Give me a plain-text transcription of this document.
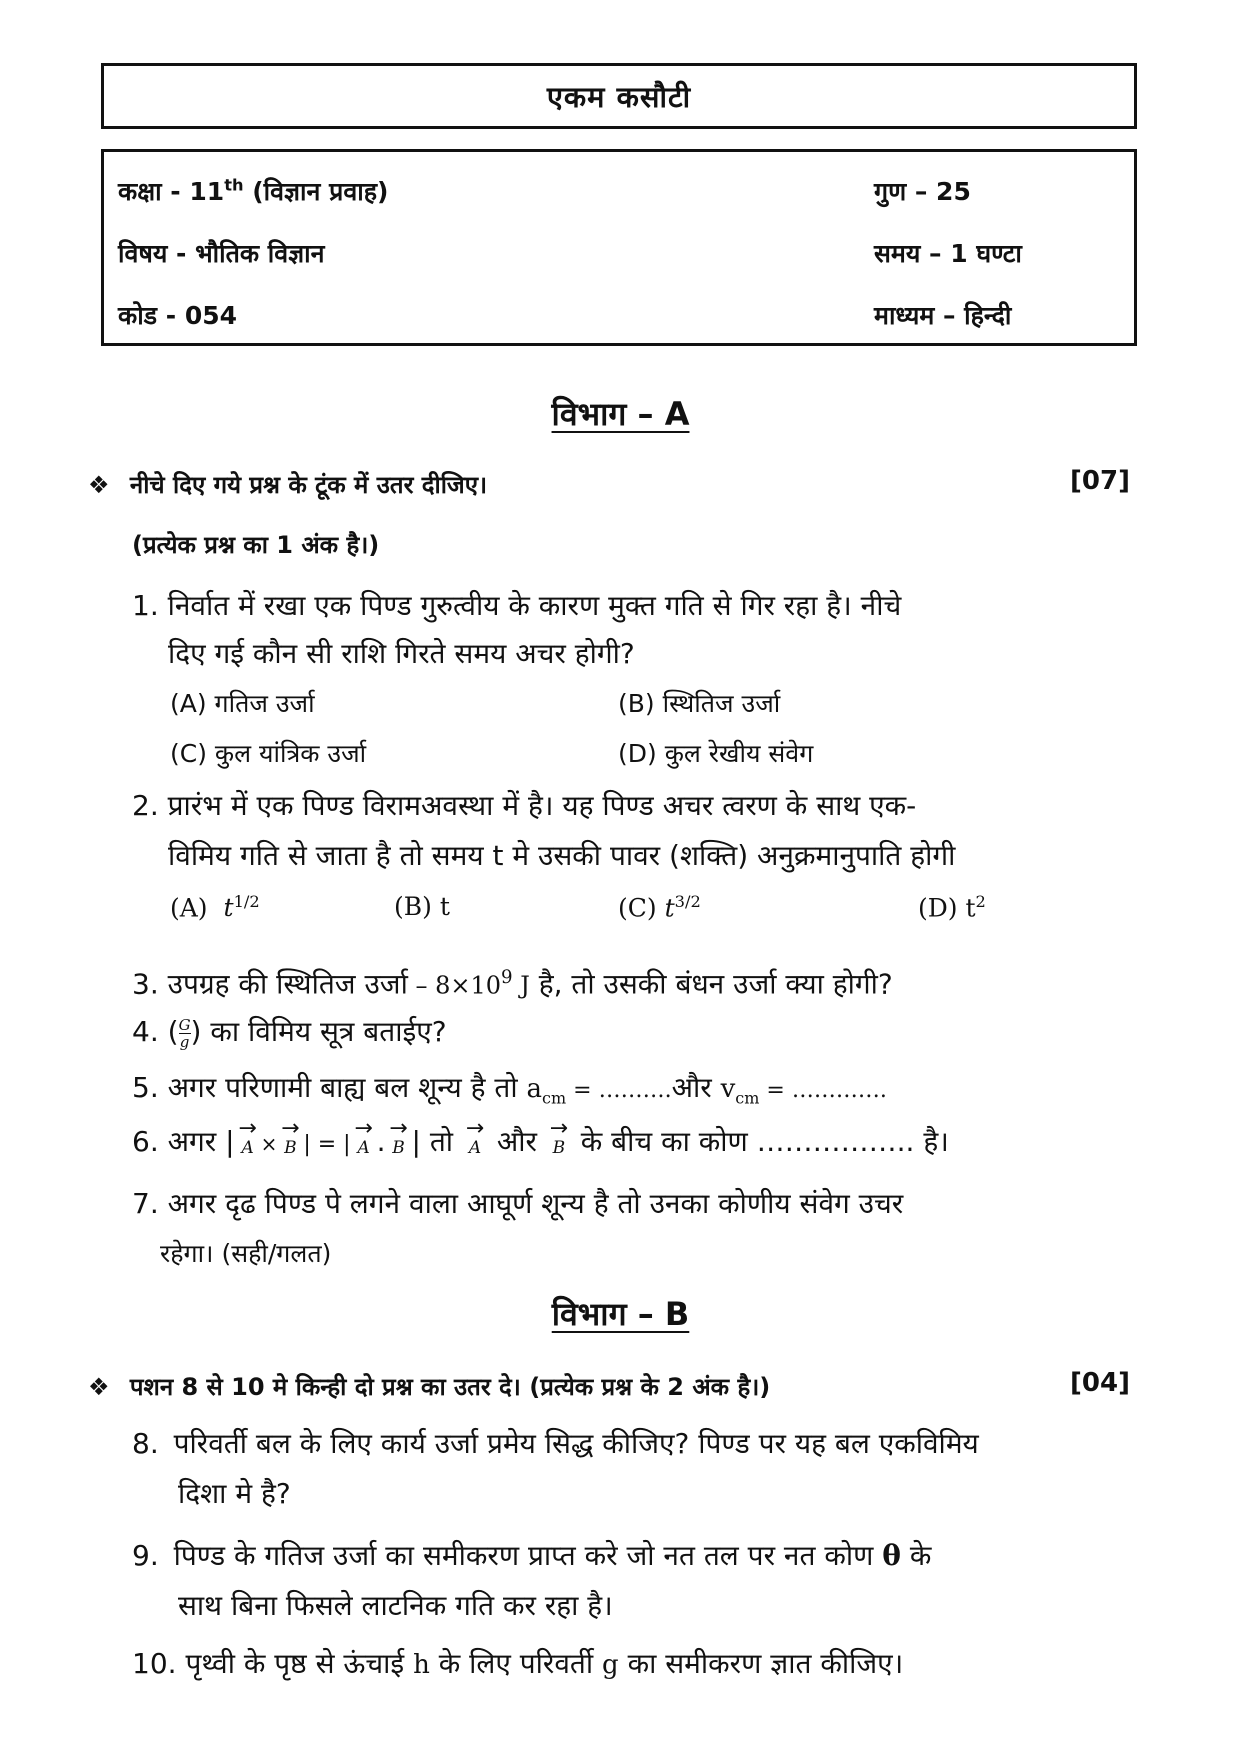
एकम कसौटी
कक्षा - 11th (विज्ञान प्रवाह)	गुण – 25
विषय - भौतिक विज्ञान	समय – 1 घण्टा
कोड - 054	माध्यम – हिन्दी
विभाग – A
❖ नीचे दिए गये प्रश्न के टूंक में उतर दीजिए।	[07]
(प्रत्येक प्रश्न का 1 अंक है।)
1. निर्वात में रखा एक पिण्ड गुरुत्वीय के कारण मुक्त गति से गिर रहा है। नीचे
दिए गई कौन सी राशि गिरते समय अचर होगी?
(A) गतिज उर्जा	(B) स्थितिज उर्जा
(C) कुल यांत्रिक उर्जा	(D) कुल रेखीय संवेग
2. प्रारंभ में एक पिण्ड विरामअवस्था में है। यह पिण्ड अचर त्वरण के साथ एक-
विमिय गति से जाता है तो समय t मे उसकी पावर (शक्ति) अनुक्रमानुपाति होगी
(A) $t^{1/2}$	(B) t	(C) $t^{3/2}$	(D) $t^2$
3. उपग्रह की स्थितिज उर्जा – $8\times 10^9$ J है, तो उसकी बंधन उर्जा क्या होगी?
4. ( $\frac{G}{g}$ ) का विमिय सूत्र बताईए?
5. अगर परिणामी बाह्य बल शून्य है तो $a_{cm}$ = ……….और $v_{cm}$ = ………….
6. अगर | →
A ×
→
B | = |
→
A . →
B | तो →
A और →
B के बीच का कोण …………….. है।
7. अगर दृढ पिण्ड पे लगने वाला आघूर्ण शून्य है तो उनका कोणीय संवेग उचर
रहेगा। (सही/गलत)
विभाग – B
❖ पशन 8 से 10 मे किन्ही दो प्रश्न का उतर दे। (प्रत्येक प्रश्न के 2 अंक है।)	[04]
8. परिवर्ती बल के लिए कार्य उर्जा प्रमेय सिद्ध कीजिए? पिण्ड पर यह बल एकविमिय
दिशा मे है?
9. पिण्ड के गतिज उर्जा का समीकरण प्राप्त करे जो नत तल पर नत कोण θ के
साथ बिना फिसले लाटनिक गति कर रहा है।
10. पृथ्वी के पृष्ठ से ऊंचाई h के लिए परिवर्ती g का समीकरण ज्ञात कीजिए।
